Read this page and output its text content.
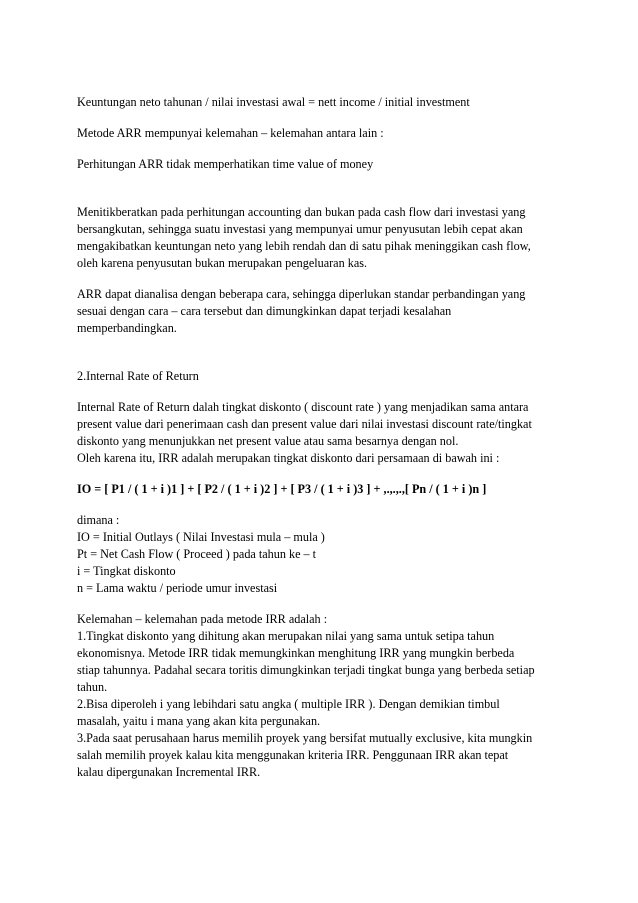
Keuntungan neto tahunan / nilai investasi awal = nett income / initial investment

Metode ARR mempunyai kelemahan – kelemahan antara lain :

Perhitungan ARR tidak memperhatikan time value of money

Menitikberatkan pada perhitungan accounting dan bukan pada cash flow dari investasi yang
bersangkutan, sehingga suatu investasi yang mempunyai umur penyusutan lebih cepat akan
mengakibatkan keuntungan neto yang lebih rendah dan di satu pihak meninggikan cash flow,
oleh karena penyusutan bukan merupakan pengeluaran kas.

ARR dapat dianalisa dengan beberapa cara, sehingga diperlukan standar perbandingan yang
sesuai dengan cara – cara tersebut dan dimungkinkan dapat terjadi kesalahan
memperbandingkan.

2.Internal Rate of Return

Internal Rate of Return dalah tingkat diskonto ( discount rate ) yang menjadikan sama antara
present value dari penerimaan cash dan present value dari nilai investasi discount rate/tingkat
diskonto yang menunjukkan net present value atau sama besarnya dengan nol.
Oleh karena itu, IRR adalah merupakan tingkat diskonto dari persamaan di bawah ini :

IO = [ P1 / ( 1 + i )1 ] + [ P2 / ( 1 + i )2 ] + [ P3 / ( 1 + i )3 ] + ,.,.,.,[ Pn / ( 1 + i )n ]

dimana :
IO = Initial Outlays ( Nilai Investasi mula – mula )
Pt = Net Cash Flow ( Proceed ) pada tahun ke – t
i = Tingkat diskonto
n = Lama waktu / periode umur investasi

Kelemahan – kelemahan pada metode IRR adalah :
1.Tingkat diskonto yang dihitung akan merupakan nilai yang sama untuk setipa tahun
ekonomisnya. Metode IRR tidak memungkinkan menghitung IRR yang mungkin berbeda
stiap tahunnya. Padahal secara toritis dimungkinkan terjadi tingkat bunga yang berbeda setiap
tahun.
2.Bisa diperoleh i yang lebihdari satu angka ( multiple IRR ). Dengan demikian timbul
masalah, yaitu i mana yang akan kita pergunakan.
3.Pada saat perusahaan harus memilih proyek yang bersifat mutually exclusive, kita mungkin
salah memilih proyek kalau kita menggunakan kriteria IRR. Penggunaan IRR akan tepat
kalau dipergunakan Incremental IRR.
